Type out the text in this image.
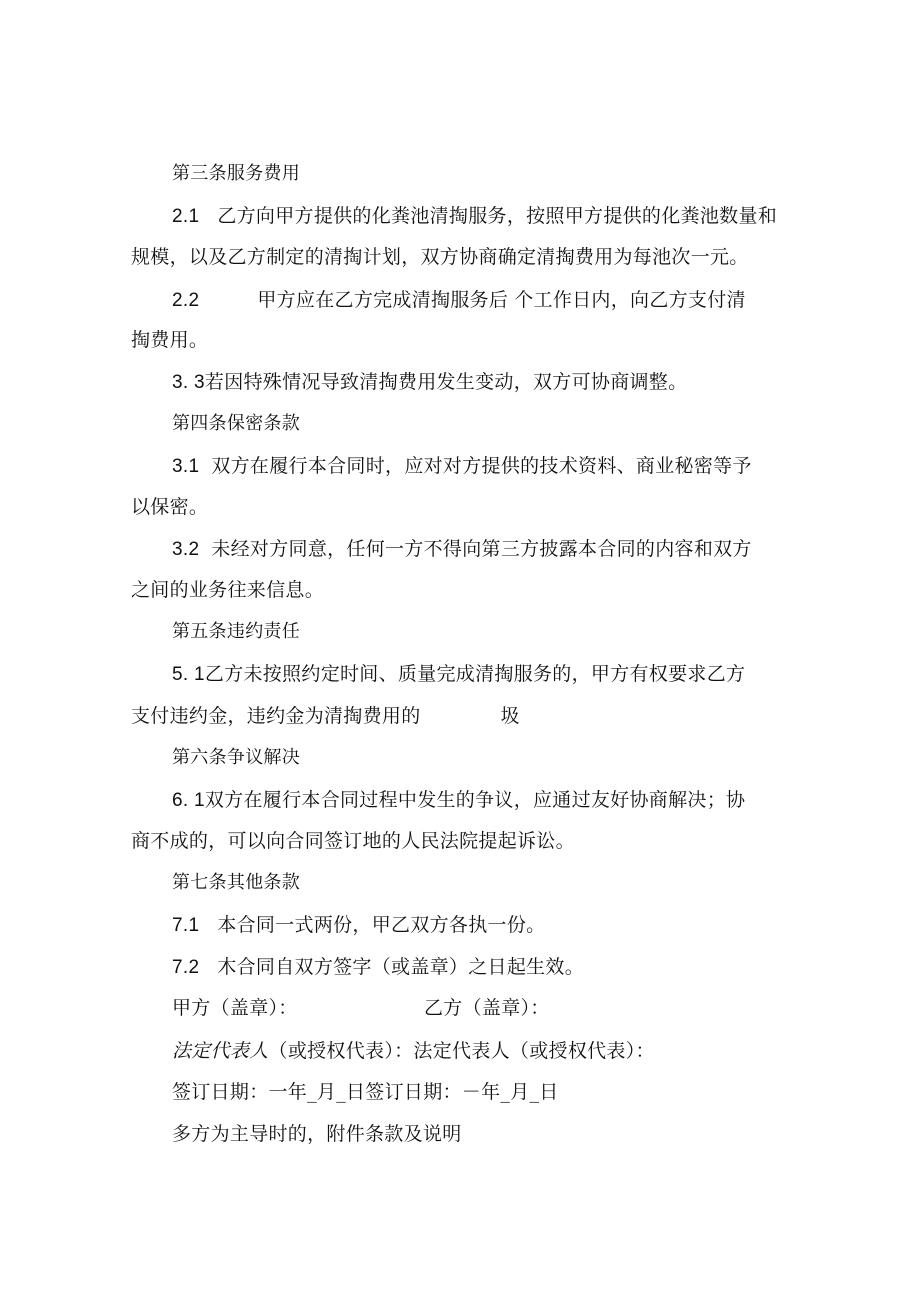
第三条服务费用
2.1 乙方向甲方提供的化粪池清掏服务，按照甲方提供的化粪池数量和
规模，以及乙方制定的清掏计划，双方协商确定清掏费用为每池次一元。
2.2	甲方应在乙方完成清掏服务后 个工作日内，向乙方支付清
掏费用。
3. 3若因特殊情况导致清掏费用发生变动，双方可协商调整。
第四条保密条款
3.1 双方在履行本合同时，应对对方提供的技术资料、商业秘密等予
以保密。
3.2 未经对方同意，任何一方不得向第三方披露本合同的内容和双方
之间的业务往来信息。
第五条违约责任
5. 1乙方未按照约定时间、质量完成清掏服务的，甲方有权要求乙方
支付违约金，违约金为清掏费用的	圾
第六条争议解决
6. 1双方在履行本合同过程中发生的争议，应通过友好协商解决；协
商不成的，可以向合同签订地的人民法院提起诉讼。
第七条其他条款
7.1 本合同一式两份，甲乙双方各执一份。
7.2 木合同自双方签字（或盖章）之日起生效。
甲方（盖章）：	乙方（盖章）：
法定代表人（或授权代表）：法定代表人（或授权代表）：
签订日期：一年_月_日签订日期：－年_月_日
多方为主导时的，附件条款及说明
